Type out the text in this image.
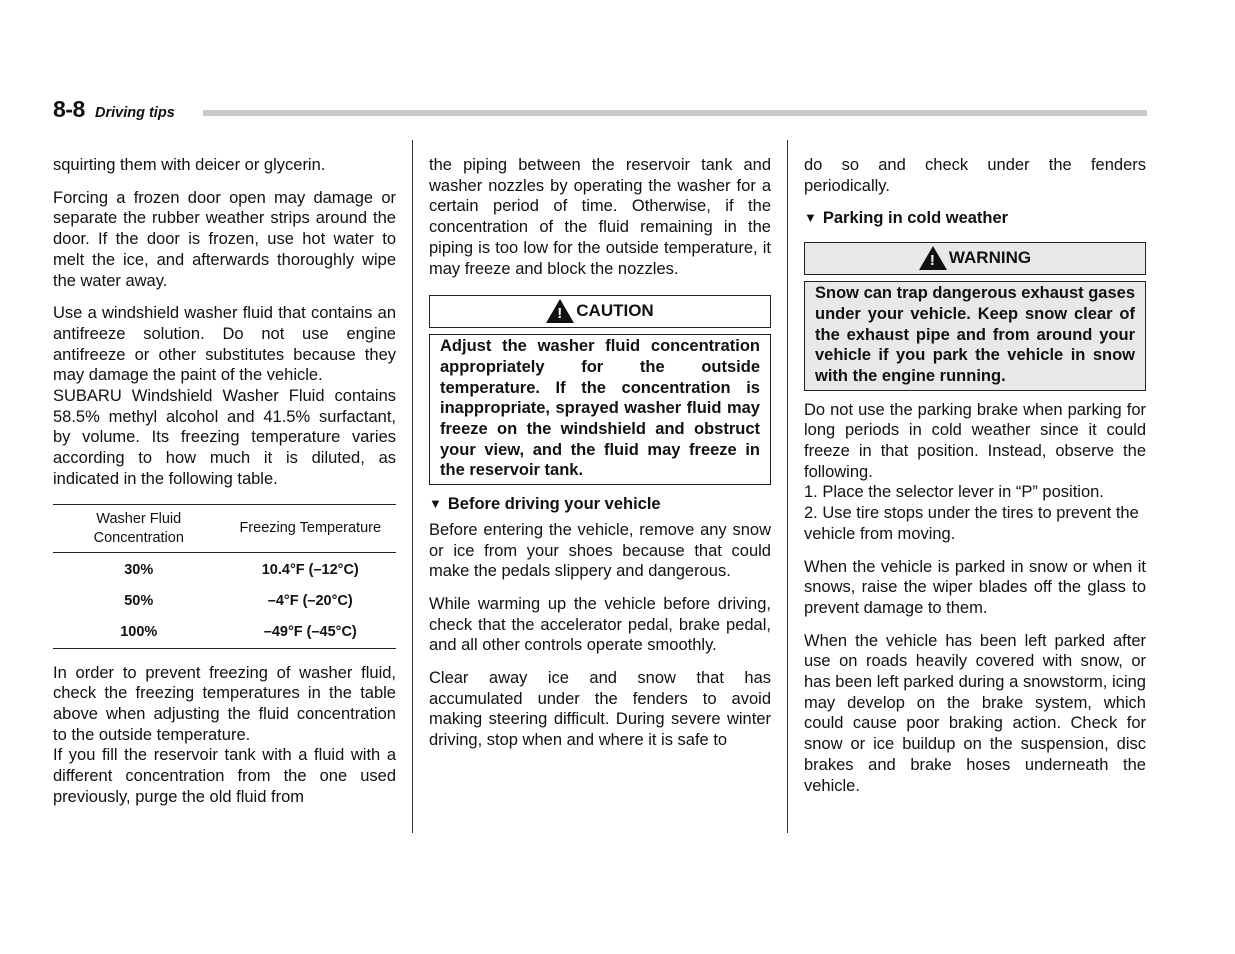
8-8 Driving tips

squirting them with deicer or glycerin.

Forcing a frozen door open may damage or separate the rubber weather strips around the door. If the door is frozen, use hot water to melt the ice, and afterwards thoroughly wipe the water away.

Use a windshield washer fluid that contains an antifreeze solution. Do not use engine antifreeze or other substitutes because they may damage the paint of the vehicle.

SUBARU Windshield Washer Fluid contains 58.5% methyl alcohol and 41.5% surfactant, by volume. Its freezing temperature varies according to how much it is diluted, as indicated in the following table.

Washer Fluid Concentration	Freezing Temperature
30%	10.4°F (–12°C)
50%	–4°F (–20°C)
100%	–49°F (–45°C)

In order to prevent freezing of washer fluid, check the freezing temperatures in the table above when adjusting the fluid concentration to the outside temperature.

If you fill the reservoir tank with a fluid with a different concentration from the one used previously, purge the old fluid from

the piping between the reservoir tank and washer nozzles by operating the washer for a certain period of time. Otherwise, if the concentration of the fluid remaining in the piping is too low for the outside temperature, it may freeze and block the nozzles.

! CAUTION
Adjust the washer fluid concentration appropriately for the outside temperature. If the concentration is inappropriate, sprayed washer fluid may freeze on the windshield and obstruct your view, and the fluid may freeze in the reservoir tank.
▼ Before driving your vehicle

Before entering the vehicle, remove any snow or ice from your shoes because that could make the pedals slippery and dangerous.

While warming up the vehicle before driving, check that the accelerator pedal, brake pedal, and all other controls operate smoothly.

Clear away ice and snow that has accumulated under the fenders to avoid making steering difficult. During severe winter driving, stop when and where it is safe to

do so and check under the fenders periodically.

▼ Parking in cold weather
! WARNING
Snow can trap dangerous exhaust gases under your vehicle. Keep snow clear of the exhaust pipe and from around your vehicle if you park the vehicle in snow with the engine running.

Do not use the parking brake when parking for long periods in cold weather since it could freeze in that position. Instead, observe the following.

1. Place the selector lever in “P” position.

2. Use tire stops under the tires to prevent the vehicle from moving.

When the vehicle is parked in snow or when it snows, raise the wiper blades off the glass to prevent damage to them.

When the vehicle has been left parked after use on roads heavily covered with snow, or has been left parked during a snowstorm, icing may develop on the brake system, which could cause poor braking action. Check for snow or ice buildup on the suspension, disc brakes and brake hoses underneath the vehicle.
